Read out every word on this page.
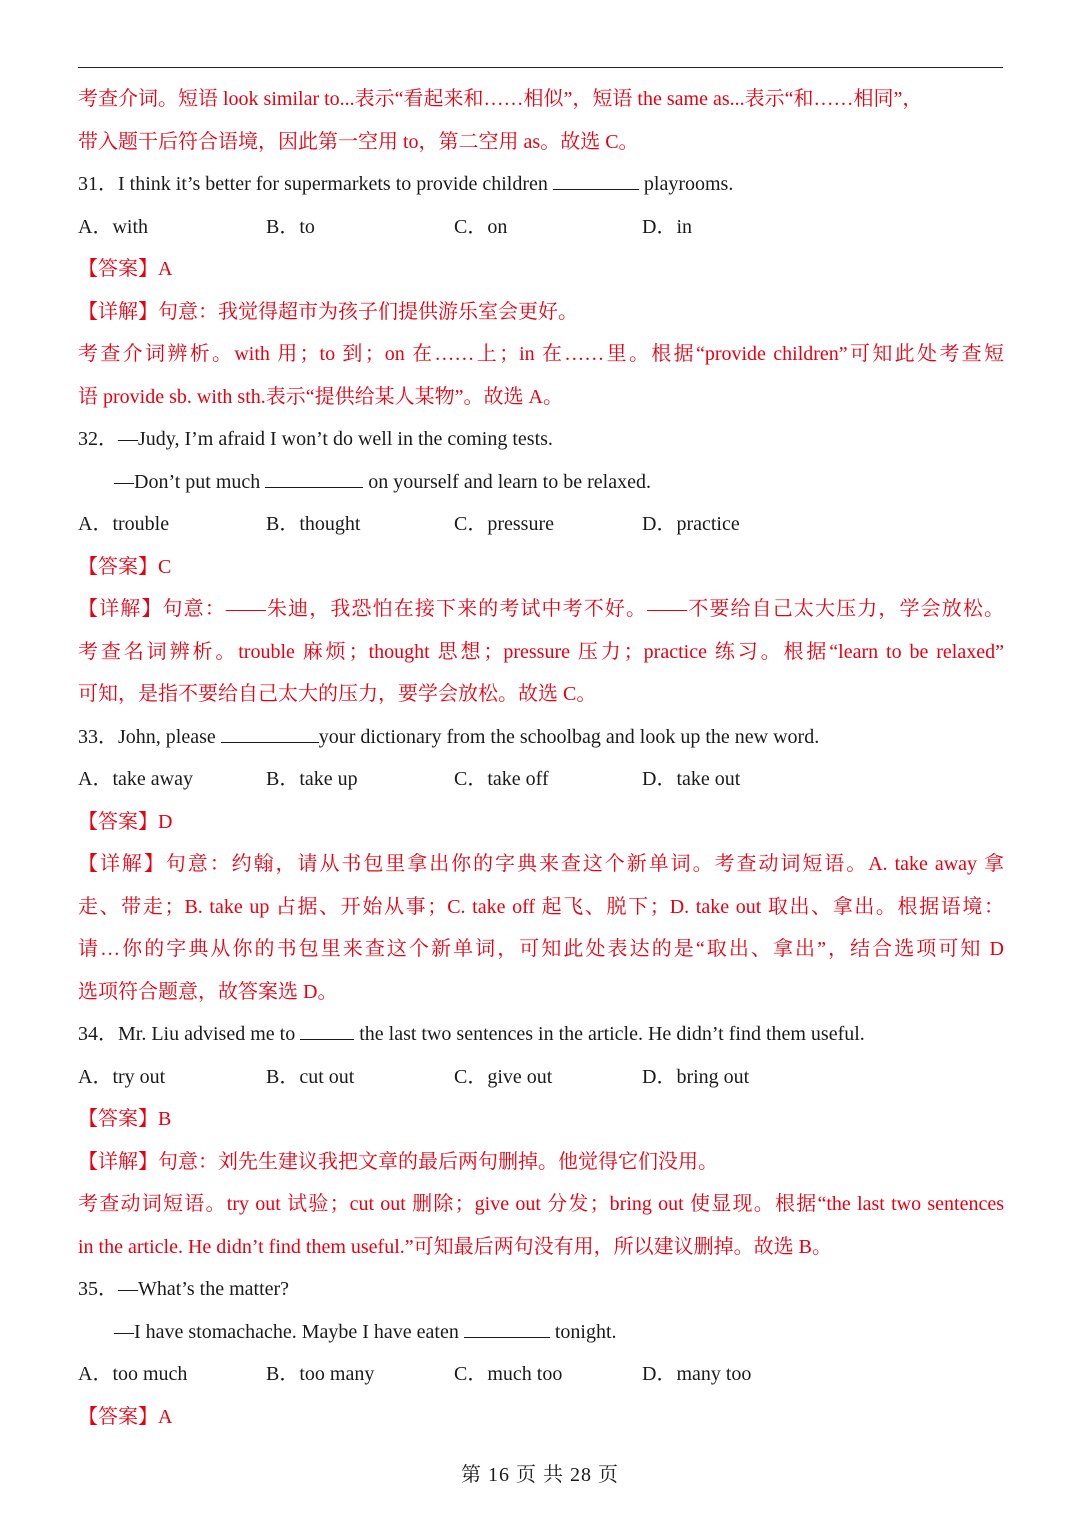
考查介词。短语 look similar to...表示“看起来和……相似”，短语 the same as...表示“和……相同”，
带入题干后符合语境，因此第一空用 to，第二空用 as。故选 C。
31．I think it’s better for supermarkets to provide children	playrooms.
A．with	B．to	C．on	D．in
【答案】A
【详解】句意：我觉得超市为孩子们提供游乐室会更好。
考查介词辨析。with 用；to 到；on 在……上；in 在……里。根据“provide children”可知此处考查短
语 provide sb. with sth.表示“提供给某人某物”。故选 A。
32．—Judy, I’m afraid I won’t do well in the coming tests.
—Don’t put much	on yourself and learn to be relaxed.
A．trouble	B．thought	C．pressure	D．practice
【答案】C
【详解】句意：——朱迪，我恐怕在接下来的考试中考不好。——不要给自己太大压力，学会放松。
考查名词辨析。trouble 麻烦；thought 思想；pressure 压力；practice 练习。根据“learn to be relaxed”
可知，是指不要给自己太大的压力，要学会放松。故选 C。
33．John, please	your dictionary from the schoolbag and look up the new word.
A．take away	B．take up	C．take off	D．take out
【答案】D
【详解】句意：约翰，请从书包里拿出你的字典来查这个新单词。考查动词短语。A. take away 拿
走、带走；B. take up 占据、开始从事；C. take off 起飞、脱下；D. take out 取出、拿出。根据语境：
请…你的字典从你的书包里来查这个新单词，可知此处表达的是“取出、拿出”，结合选项可知 D
选项符合题意，故答案选 D。
34．Mr. Liu advised me to	the last two sentences in the article. He didn’t find them useful.
A．try out	B．cut out	C．give out	D．bring out
【答案】B
【详解】句意：刘先生建议我把文章的最后两句删掉。他觉得它们没用。
考查动词短语。try out 试验；cut out 删除；give out 分发；bring out 使显现。根据“the last two sentences
in the article. He didn’t find them useful.”可知最后两句没有用，所以建议删掉。故选 B。
35．—What’s the matter?
—I have stomachache. Maybe I have eaten	tonight.
A．too much	B．too many	C．much too	D．many too
【答案】A
第 16 页 共 28 页
